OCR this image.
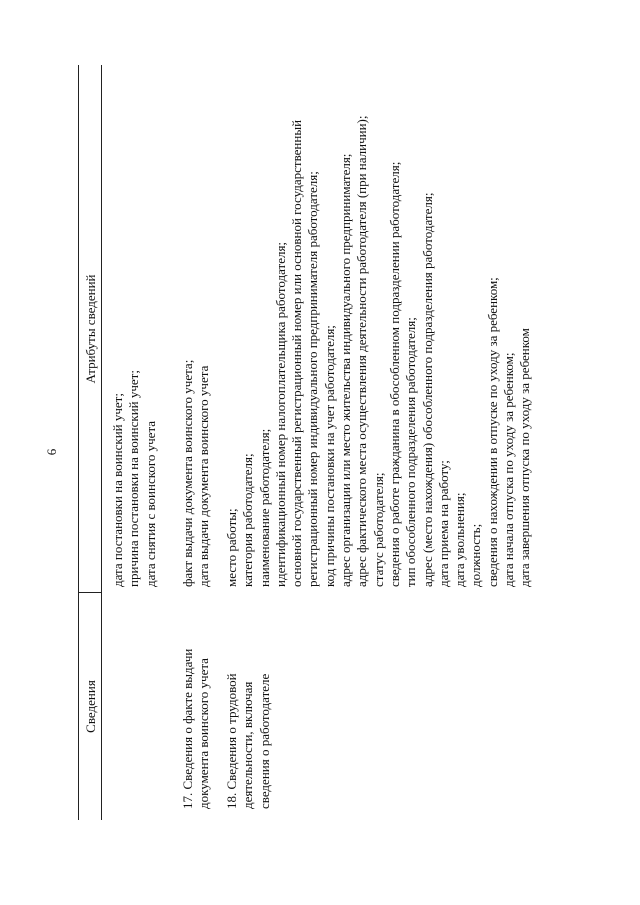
6
Сведения
Атрибуты сведений
дата постановки на воинский учет; причина постановки на воинский учет; дата снятия с воинского учета
17. Сведения о факте выдачи документа воинского учета
факт выдачи документа воинского учета; дата выдачи документа воинского учета
18. Сведения о трудовой деятельности, включая сведения о работодателе
место работы; категория работодателя; наименование работодателя; идентификационный номер налогоплательщика работодателя; основной государственный регистрационный номер или основной государственный регистрационный номер индивидуального предпринимателя работодателя; код причины постановки на учет работодателя; адрес организации или место жительства индивидуального предпринимателя; адрес фактического места осуществления деятельности работодателя (при наличии); статус работодателя; сведения о работе гражданина в обособленном подразделении работодателя; тип обособленного подразделения работодателя; адрес (место нахождения) обособленного подразделения работодателя; дата приема на работу; дата увольнения; должность; сведения о нахождении в отпуске по уходу за ребенком; дата начала отпуска по уходу за ребенком; дата завершения отпуска по уходу за ребенком
